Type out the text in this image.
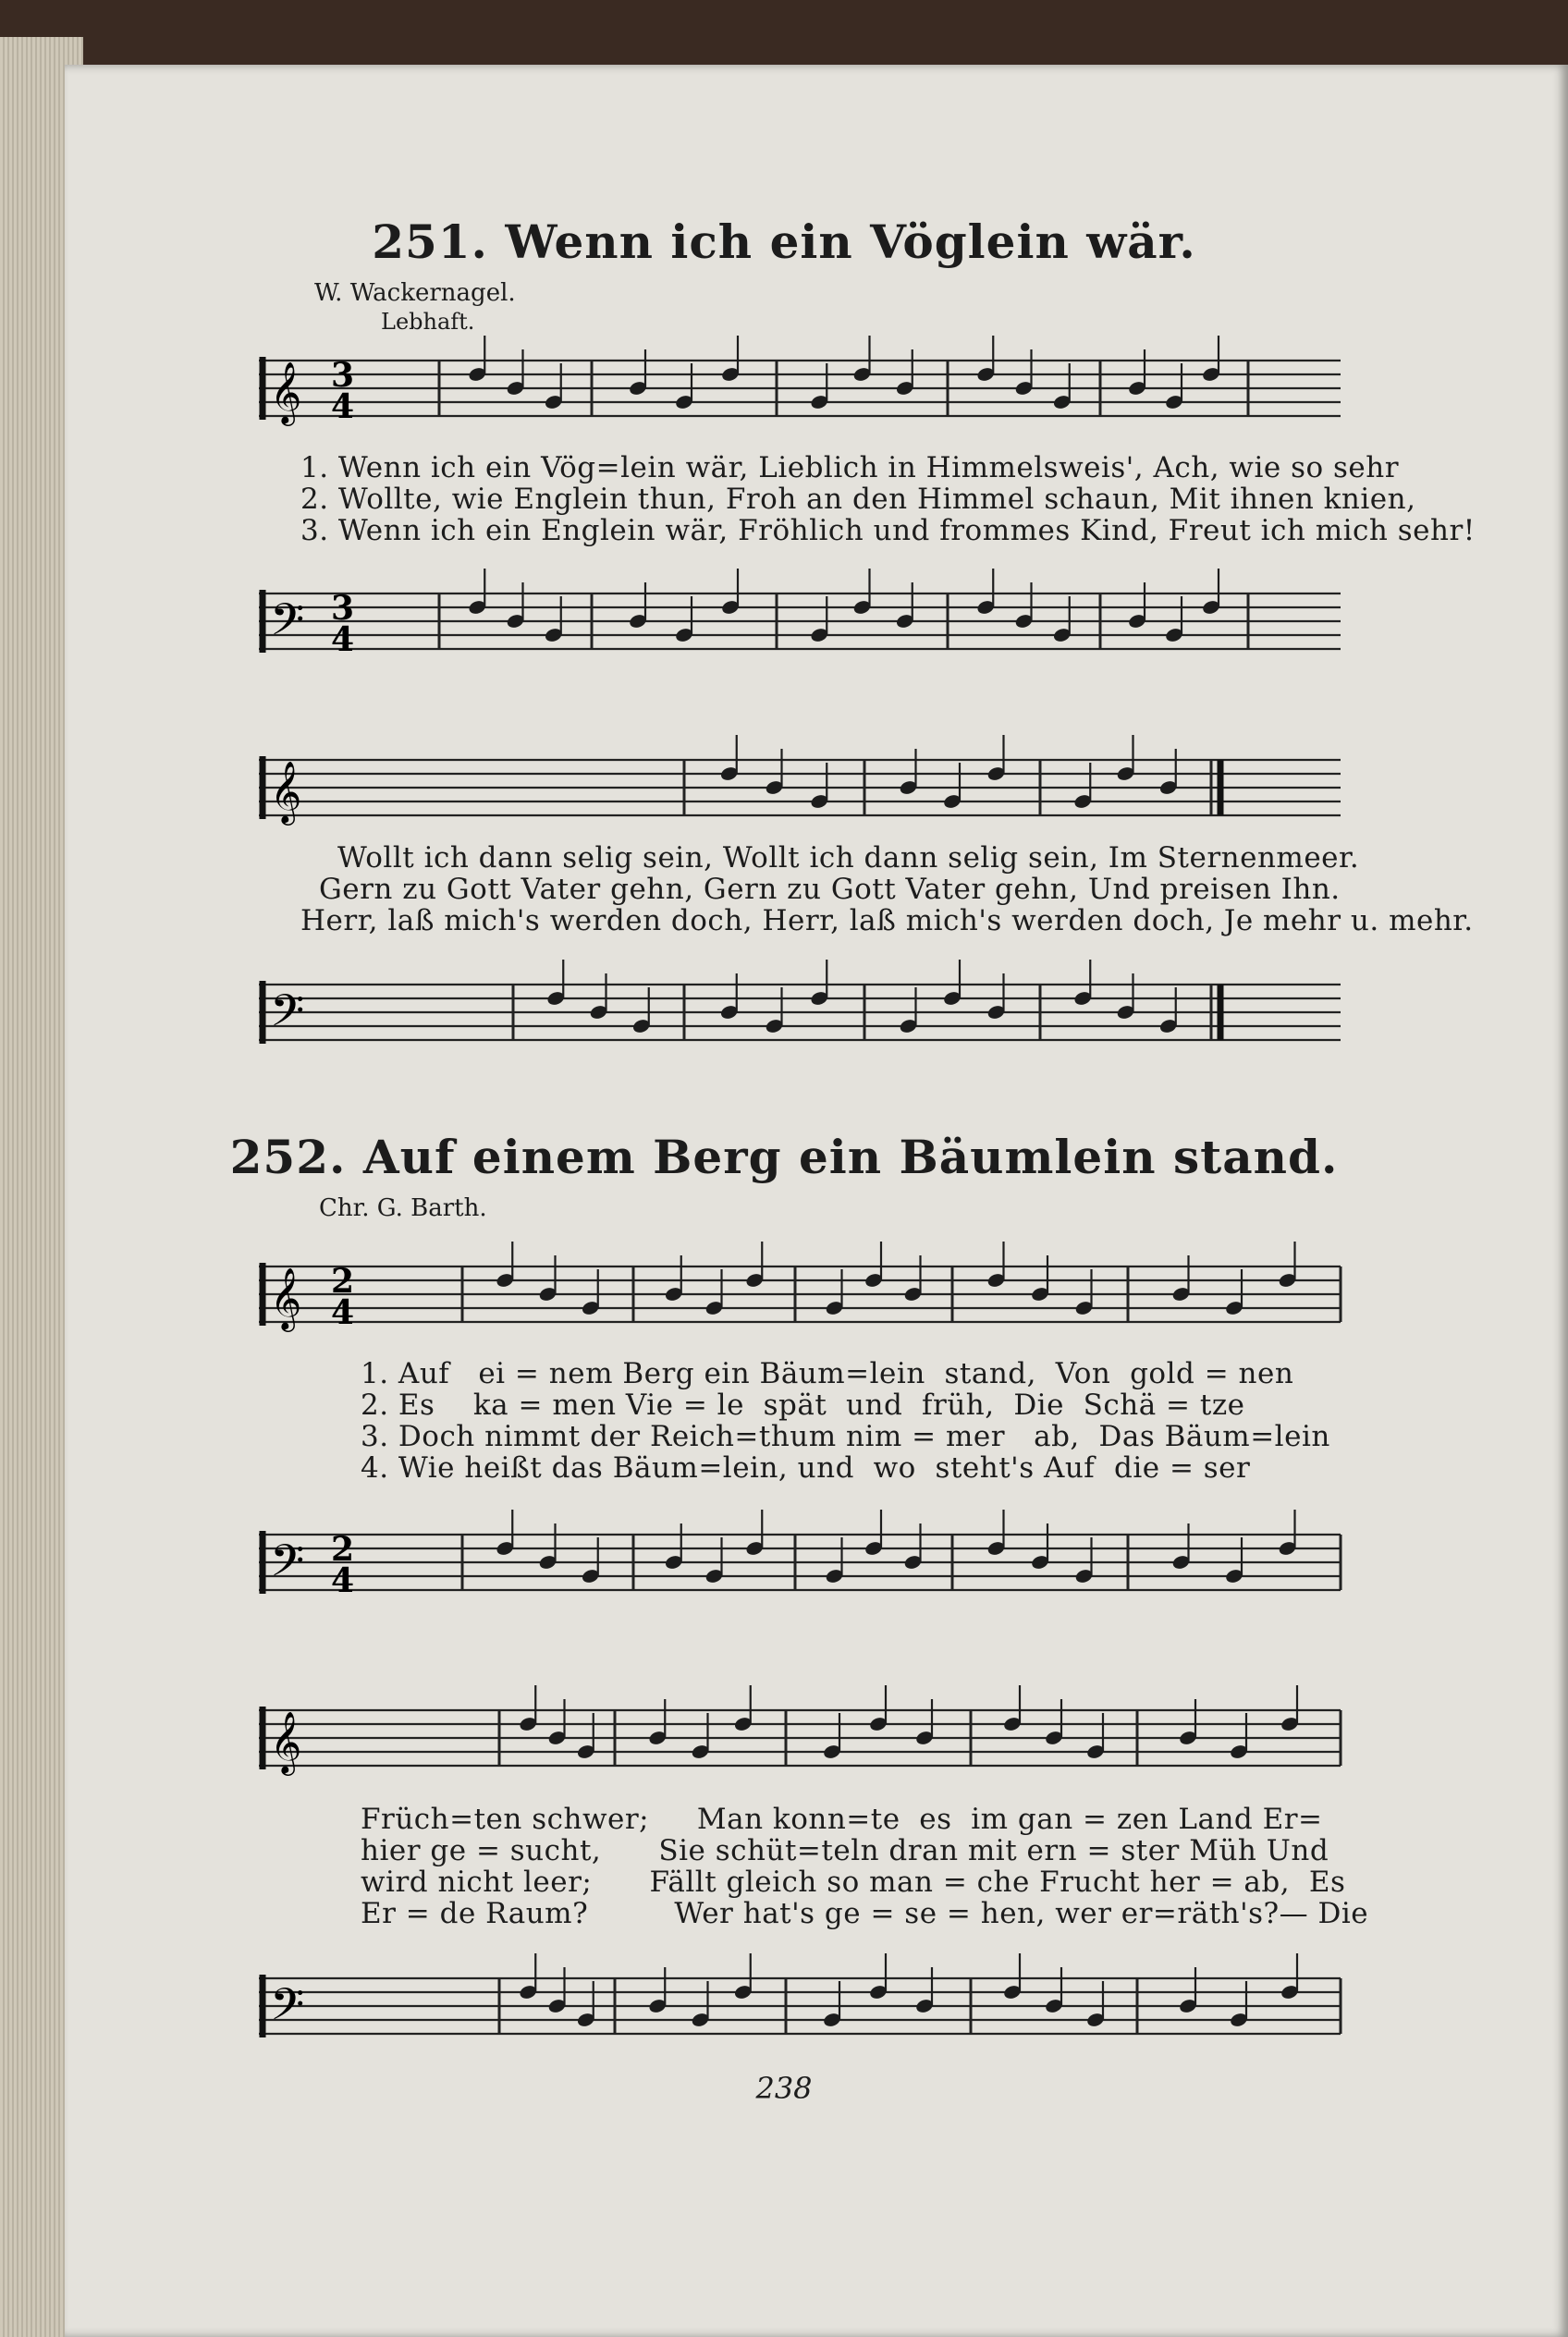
251. Wenn ich ein Vöglein wär.
W. Wackernagel.
Lebhaft.
𝄞 3
4
1. Wenn ich ein Vög=lein wär, Lieblich in Himmelsweis', Ach, wie so sehr
2. Wollte, wie Englein thun, Froh an den Himmel schaun, Mit ihnen knien,
3. Wenn ich ein Englein wär, Fröhlich und frommes Kind, Freut ich mich sehr!
𝄢 3
4
𝄞
Wollt ich dann selig sein, Wollt ich dann selig sein, Im Sternenmeer.
Gern zu Gott Vater gehn, Gern zu Gott Vater gehn, Und preisen Ihn.
Herr, laß mich's werden doch, Herr, laß mich's werden doch, Je mehr u. mehr.
𝄢
252. Auf einem Berg ein Bäumlein stand.
Chr. G. Barth.
𝄞 2
4
1. Auf   ei = nem Berg ein Bäum=lein  stand,  Von  gold = nen
2. Es    ka = men Vie = le  spät  und  früh,  Die  Schä = tze
3. Doch nimmt der Reich=thum nim = mer   ab,  Das Bäum=lein
4. Wie heißt das Bäum=lein, und  wo  steht's Auf  die = ser
𝄢 2
4
𝄞
Früch=ten schwer;     Man konn=te  es  im gan = zen Land Er=
hier ge = sucht,      Sie schüt=teln dran mit ern = ster Müh Und
wird nicht leer;      Fällt gleich so man = che Frucht her = ab,  Es
Er = de Raum?         Wer hat's ge = se = hen, wer er=räth's?— Die
𝄢
238
